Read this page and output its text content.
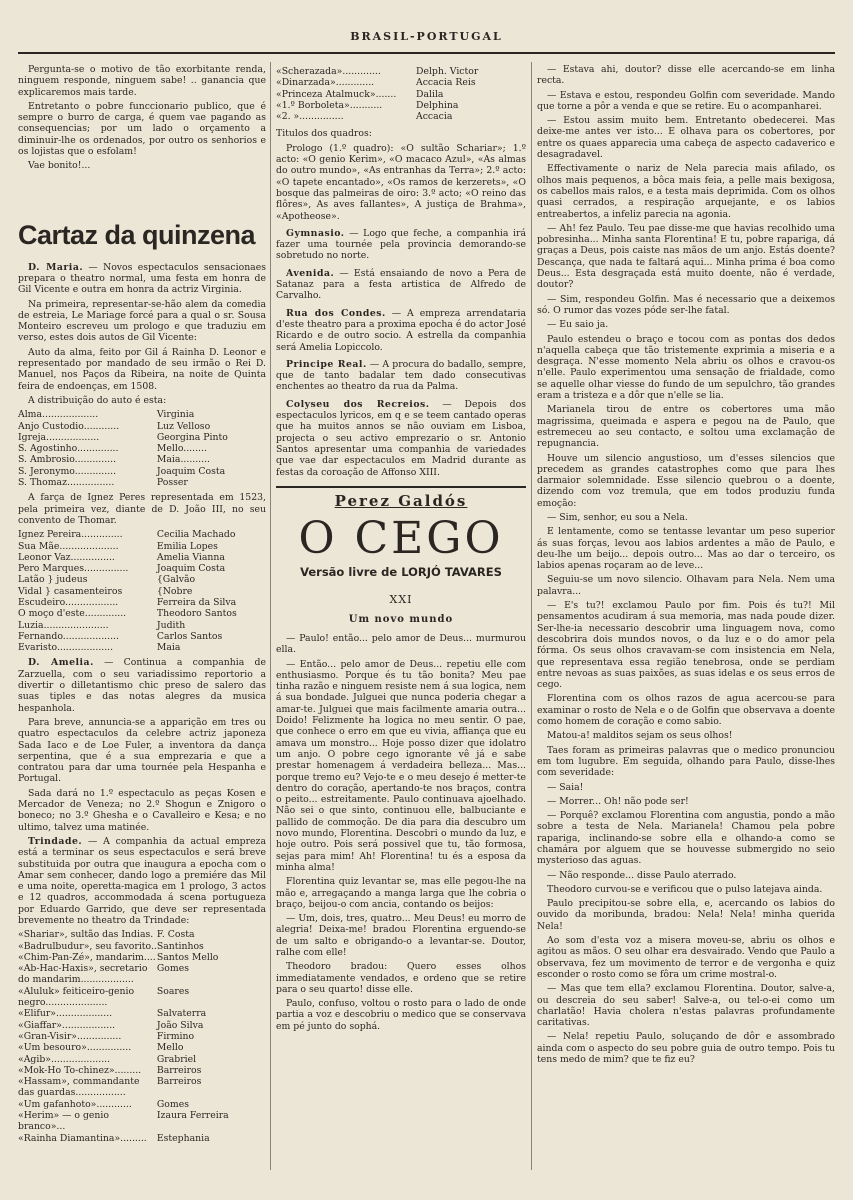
BRASIL-PORTUGAL

Pergunta-se o motivo de tão exorbitante renda, ninguem responde, ninguem sabe! .. ganancia que explicaremos mais tarde.

Entretanto o pobre funccionario publico, que é sempre o burro de carga, é quem vae pagando as consequencias; por um lado o orçamento a diminuir-lhe os ordenados, por outro os senhorios e os lojistas que o esfolam!

Vae bonito!...

Cartaz da quinzena

D. Maria. — Novos espectaculos sensacionaes prepara o theatro normal, uma festa em honra de Gil Vicente e outra em honra da actriz Virginia.

Na primeira, representar-se-hão alem da comedia de estreia, Le Mariage forcé para a qual o sr. Sousa Monteiro escreveu um prologo e que traduziu em verso, estes dois autos de Gil Vicente:

Auto da alma, feito por Gil á Rainha D. Leonor e representado por mandado de seu irmão o Rei D. Manuel, nos Paços da Ribeira, na noite de Quinta feira de endoenças, em 1508.

A distribuição do auto é esta:

Alma...................	Virginia
Anjo Custodio............	Luz Velloso
Igreja..................	Georgina Pinto
S. Agostinho..............	Mello........
S. Ambrosio..............	Maia..........
S. Jeronymo..............	Joaquim Costa
S. Thomaz................	Posser

A farça de Ignez Peres representada em 1523, pela primeira vez, diante de D. João III, no seu convento de Thomar.

Ignez Pereira..............	Cecilia Machado
Sua Mãe....................	Emilia Lopes
Leonor Vaz...............	Amelia Vianna
Pero Marques...............	Joaquim Costa
Latão } judeus	{Galvão
Vidal } casamenteiros	{Nobre
Escudeiro..................	Ferreira da Silva
O moço d'este..............	Theodoro Santos
Luzia......................	Judith
Fernando...................	Carlos Santos
Evaristo...................	Maia

D. Amelia. — Continua a companhia de Zarzuella, com o seu variadissimo reportorio a divertir o dilletantismo chic preso de salero das suas tiples e das notas alegres da musica hespanhola.

Para breve, annuncia-se a apparição em tres ou quatro espectaculos da celebre actriz japoneza Sada Iaco e de Loe Fuler, a inventora da dança serpentina, que é a sua emprezaria e que a contratou para dar uma tournée pela Hespanha e Portugal.

Sada dará no 1.º espectaculo as peças Kosen e Mercador de Veneza; no 2.º Shogun e Znigoro o boneco; no 3.º Ghesha e o Cavalleiro e Kesa; e no ultimo, talvez uma matinée.

Trindade. — A companhia da actual empreza está a terminar os seus espectaculos e será breve substituida por outra que inaugura a epocha com o Amar sem conhecer, dando logo a premiére das Mil e uma noite, operetta-magica em 1 prologo, 3 actos e 12 quadros, accommodada á scena portugueza por Eduardo Garrido, que deve ser representada brevemente no theatro da Trindade:

«Shariar», sultão das Indias.	F. Costa
«Badrulbudur», seu favorito..	Santinhos
«Chim-Pan-Zé», mandarim....	Santos Mello
«Ab-Hac-Haxis», secretario do mandarim..................	Gomes
«Aluluk» feiticeiro-genio negro.....................	Soares
«Elifur»...................	Salvaterra
«Giaffar»..................	João Silva
«Gran-Visir»...............	Firmino
«Um besouro»...............	Mello
«Agib»....................	Grabriel
«Mok-Ho To-chinez».........	Barreiros
«Hassam», commandante das guardas.................	Barreiros
«Um gafanhoto»............	Gomes
«Herim» — o genio branco»...	Izaura Ferreira
«Rainha Diamantina».........	Estephania
«Scherazada».............	Delph. Victor
«Dinarzada».............	Accacia Reis
«Princeza Atalmuck».......	Dalila
«1.º Borboleta»...........	Delphina
«2. »...............	Accacia

Titulos dos quadros:

Prologo (1.º quadro): «O sultão Schariar»; 1.º acto: «O genio Kerim», «O macaco Azul», «As almas do outro mundo», «As entranhas da Terra»; 2.º acto: «O tapete encantado», «Os ramos de kerzerets», «O bosque das palmeiras de oiro: 3.º acto; «O reino das flôres», As aves fallantes», A justiça de Brahma», «Apotheose».

Gymnasio. — Logo que feche, a companhia irá fazer uma tournée pela provincia demorando-se sobretudo no norte.

Avenida. — Está ensaiando de novo a Pera de Satanaz para a festa artistica de Alfredo de Carvalho.

Rua dos Condes. — A empreza arrendataria d'este theatro para a proxima epocha é do actor José Ricardo e de outro socio. A estrella da companhia será Amelia Lopiccolo.

Principe Real. — A procura do badallo, sempre, que de tanto badalar tem dado consecutivas enchentes ao theatro da rua da Palma.

Colyseu dos Recreios. — Depois dos espectaculos lyricos, em q e se teem cantado operas que ha muitos annos se não ouviam em Lisboa, projecta o seu activo emprezario o sr. Antonio Santos apresentar uma companhia de variedades que vae dar espectaculos em Madrid durante as festas da coroação de Affonso XIII.

Perez Galdós
O CEGO
Versão livre de LORJÓ TAVARES
XXI
Um novo mundo

— Paulo! então... pelo amor de Deus... murmurou ella.

— Então... pelo amor de Deus... repetiu elle com enthusiasmo. Porque és tu tão bonita? Meu pae tinha razão e ninguem resiste nem á sua logica, nem á sua bondade. Julguei que nunca poderia chegar a amar-te. Julguei que mais facilmente amaria outra... Doido! Felizmente ha logica no meu sentir. O pae, que conhece o erro em que eu vivia, affiança que eu amava um monstro... Hoje posso dizer que idolatro um anjo. O pobre cego ignorante vê já e sabe prestar homenagem á verdadeira belleza... Mas... porque tremo eu? Vejo-te e o meu desejo é metter-te dentro do coração, apertando-te nos braços, contra o peito... estreitamente. Paulo continuava ajoelhado. Não sei o que sinto, continuou elle, balbuciante e pallido de commoção. De dia para dia descubro um novo mundo, Florentina. Descobri o mundo da luz, e hoje outro. Pois será possivel que tu, tão formosa, sejas para mim! Ah! Florentina! tu és a esposa da minha alma!

Florentina quiz levantar se, mas elle pegou-lhe na mão e, arregaçando a manga larga que lhe cobria o braço, beijou-o com ancia, contando os beijos:

— Um, dois, tres, quatro... Meu Deus! eu morro de alegria! Deixa-me! bradou Florentina erguendo-se de um salto e obrigando-o a levantar-se. Doutor, ralhe com elle!

Theodoro bradou: Quero esses olhos immediatamente vendados, e ordeno que se retire para o seu quarto! disse elle.

Paulo, confuso, voltou o rosto para o lado de onde partia a voz e descobriu o medico que se conservava em pé junto do sophá.

— Estava ahi, doutor? disse elle acercando-se em linha recta.

— Estava e estou, respondeu Golfin com severidade. Mando que torne a pôr a venda e que se retire. Eu o acompanharei.

— Estou assim muito bem. Entretanto obedecerei. Mas deixe-me antes ver isto... E olhava para os cobertores, por entre os quaes apparecia uma cabeça de aspecto cadaverico e desagradavel.

Effectivamente o nariz de Nela parecia mais afilado, os olhos mais pequenos, a bôca mais feia, a pelle mais bexigosa, os cabellos mais ralos, e a testa mais deprimida. Com os olhos quasi cerrados, a respiração arquejante, e os labios entreabertos, a infeliz parecia na agonia.

— Ah! fez Paulo. Teu pae disse-me que havias recolhido uma pobresinha... Minha santa Florentina! E tu, pobre rapariga, dá graças a Deus, pois caiste nas mãos de um anjo. Estás doente? Descança, que nada te faltará aqui... Minha prima é boa como Deus... Esta desgraçada está muito doente, não é verdade, doutor?

— Sim, respondeu Golfin. Mas é necessario que a deixemos só. O rumor das vozes póde ser-lhe fatal.

— Eu saio ja.

Paulo estendeu o braço e tocou com as pontas dos dedos n'aquella cabeça que tão tristemente exprimia a miseria e a desgraça. N'esse momento Nela abriu os olhos e cravou-os n'elle. Paulo experimentou uma sensação de frialdade, como se aquelle olhar viesse do fundo de um sepulchro, tão grandes eram a tristeza e a dôr que n'elle se lia.

Marianela tirou de entre os cobertores uma mão magrissima, queimada e aspera e pegou na de Paulo, que estremeceu ao seu contacto, e soltou uma exclamação de repugnancia.

Houve um silencio angustioso, um d'esses silencios que precedem as grandes catastrophes como que para lhes darmaior solemnidade. Esse silencio quebrou o a doente, dizendo com voz tremula, que em todos produziu funda emoção:

— Sim, senhor, eu sou a Nela.

E lentamente, como se tentasse levantar um peso superior ás suas forças, levou aos labios ardentes a mão de Paulo, e deu-lhe um beijo... depois outro... Mas ao dar o terceiro, os labios apenas roçaram ao de leve...

Seguiu-se um novo silencio. Olhavam para Nela. Nem uma palavra...

— E's tu?! exclamou Paulo por fim. Pois és tu?! Mil pensamentos acudiram á sua memoria, mas nada poude dizer. Ser-lhe-ia necessario descobrir uma linguagem nova, como descobrira dois mundos novos, o da luz e o do amor pela fórma. Os seus olhos cravavam-se com insistencia em Nela, que representava essa região tenebrosa, onde se perdiam entre nevoas as suas paixões, as suas idelas e os seus erros de cego.

Florentina com os olhos razos de agua acercou-se para examinar o rosto de Nela e o de Golfin que observava a doente como homem de coração e como sabio.

Matou-a! malditos sejam os seus olhos!

Taes foram as primeiras palavras que o medico pronunciou em tom lugubre. Em seguida, olhando para Paulo, disse-lhes com severidade:

— Saia!

— Morrer... Oh! não pode ser!

— Porquê? exclamou Florentina com angustia, pondo a mão sobre a testa de Nela. Marianela! Chamou pela pobre rapariga, inclinando-se sobre ella e olhando-a como se chamára por alguem que se houvesse submergido no seio mysterioso das aguas.

— Não responde... disse Paulo aterrado.

Theodoro curvou-se e verificou que o pulso latejava ainda.

Paulo precipitou-se sobre ella, e, acercando os labios do ouvido da moribunda, bradou: Nela! Nela! minha querida Nela!

Ao som d'esta voz a misera moveu-se, abriu os olhos e agitou as mãos. O seu olhar era desvairado. Vendo que Paulo a observava, fez um movimento de terror e de vergonha e quiz esconder o rosto como se fôra um crime mostral-o.

— Mas que tem ella? exclamou Florentina. Doutor, salve-a, ou descreia do seu saber! Salve-a, ou tel-o-ei como um charlatão! Havia cholera n'estas palavras profundamente caritativas.

— Nela! repetiu Paulo, soluçando de dôr e assombrado ainda com o aspecto do seu pobre guia de outro tempo. Pois tu tens medo de mim? que te fiz eu?
